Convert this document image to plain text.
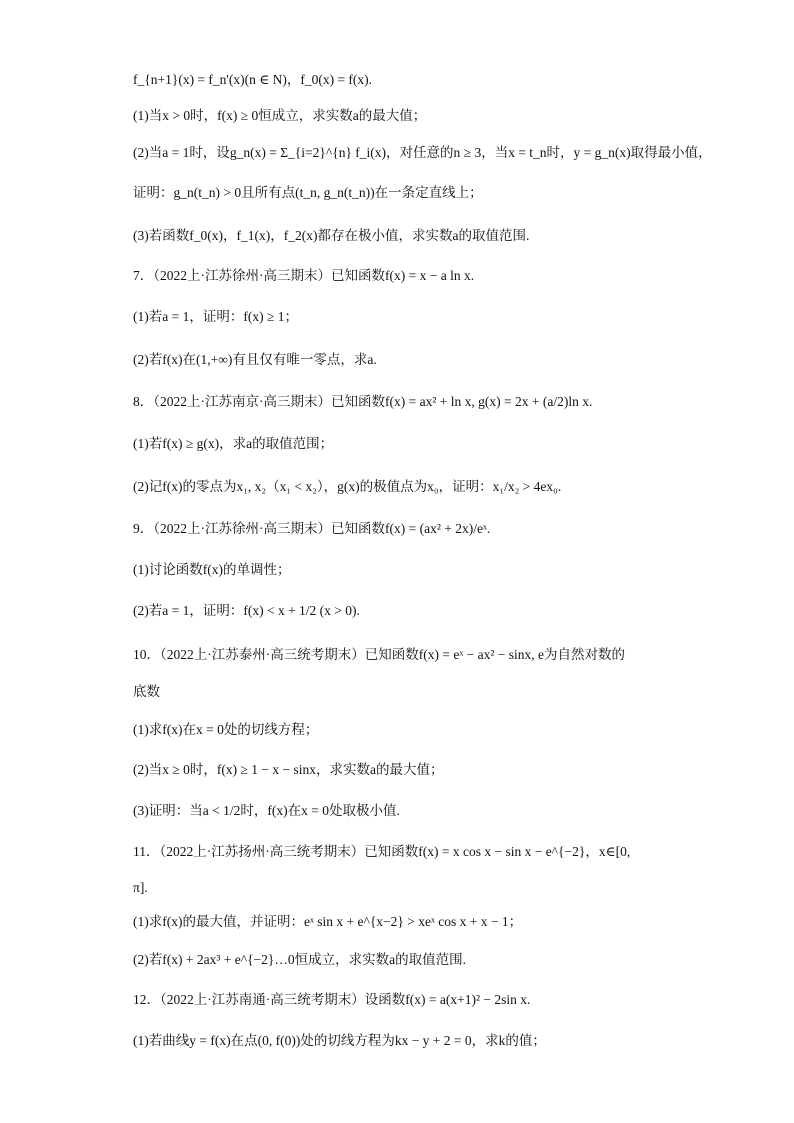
f_{n+1}(x) = f_n'(x)(n ∈ N)，f_0(x) = f(x).
(1)当x > 0时，f(x) ≥ 0恒成立，求实数a的最大值；
(2)当a = 1时，设g_n(x) = Σ_{i=2}^{n} f_i(x)，对任意的n ≥ 3，当x = t_n时，y = g_n(x)取得最小值，
证明：g_n(t_n) > 0且所有点(t_n, g_n(t_n))在一条定直线上；
(3)若函数f_0(x)，f_1(x)，f_2(x)都存在极小值，求实数a的取值范围.
7．（2022上·江苏徐州·高三期末）已知函数f(x) = x − a ln x.
(1)若a = 1，证明：f(x) ≥ 1；
(2)若f(x)在(1,+∞)有且仅有唯一零点，求a.
8．（2022上·江苏南京·高三期末）已知函数f(x) = ax² + ln x, g(x) = 2x + (a/2)ln x.
(1)若f(x) ≥ g(x)，求a的取值范围；
(2)记f(x)的零点为x₁, x₂（x₁ < x₂），g(x)的极值点为x₀，证明：x₁/x₂ > 4ex₀.
9．（2022上·江苏徐州·高三期末）已知函数f(x) = (ax² + 2x)/eˣ.
(1)讨论函数f(x)的单调性；
(2)若a = 1，证明：f(x) < x + 1/2 (x > 0).
10．（2022上·江苏泰州·高三统考期末）已知函数f(x) = eˣ − ax² − sinx, e为自然对数的
底数
(1)求f(x)在x = 0处的切线方程；
(2)当x ≥ 0时，f(x) ≥ 1 − x − sinx，求实数a的最大值；
(3)证明：当a < 1/2时，f(x)在x = 0处取极小值.
11．（2022上·江苏扬州·高三统考期末）已知函数f(x) = x cos x − sin x − e^{−2}，x∈[0,
π].
(1)求f(x)的最大值，并证明：eˣ sin x + e^{x−2} > xeˣ cos x + x − 1；
(2)若f(x) + 2ax³ + e^{−2}…0恒成立，求实数a的取值范围.
12．（2022上·江苏南通·高三统考期末）设函数f(x) = a(x+1)² − 2sin x.
(1)若曲线y = f(x)在点(0, f(0))处的切线方程为kx − y + 2 = 0，求k的值；
